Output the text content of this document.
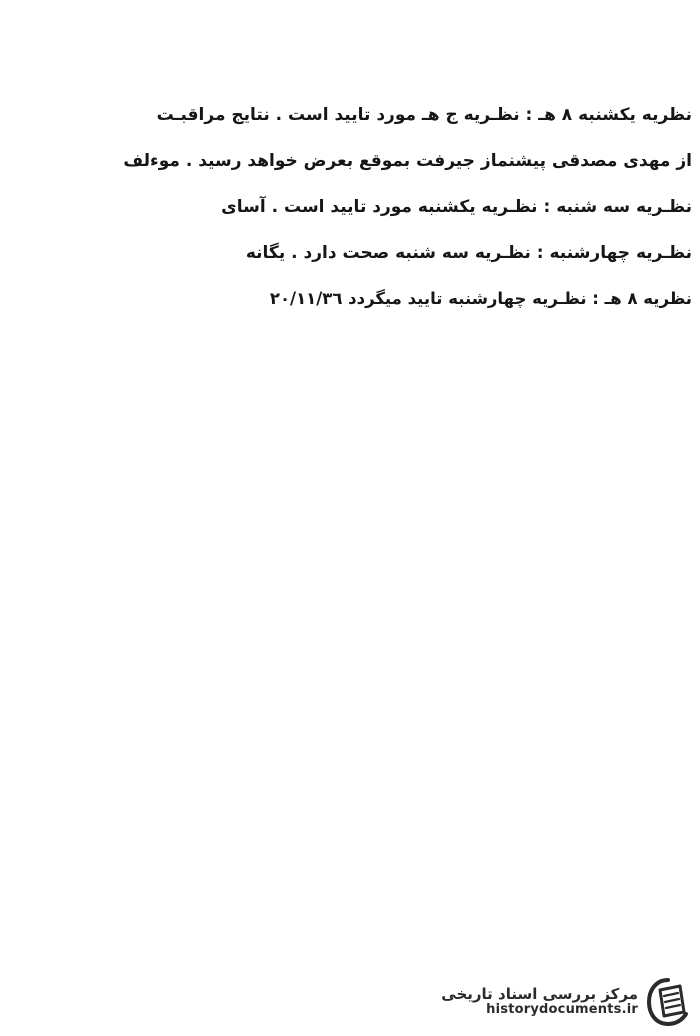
نظريه يكشنبه ٨ هـ : نظـريه ج هـ مورد تاييد است . نتايج مراقبـت
از مهدى مصدقى پيشنماز جيرفت بموقع بعرض خواهد رسيد . موءلف
نظـريه سه شنبه : نظـريه يكشنبه مورد تاييد است . آساى
نظـريه چهارشنبه : نظـريه سه شنبه صحت دارد . يگانه
نظريه ٨ هـ : نظـريه چهارشنبه تاييد ميگردد ٢٠/١١/٣٦
مرکز بررسی اسناد تاریخی
historydocuments.ir
